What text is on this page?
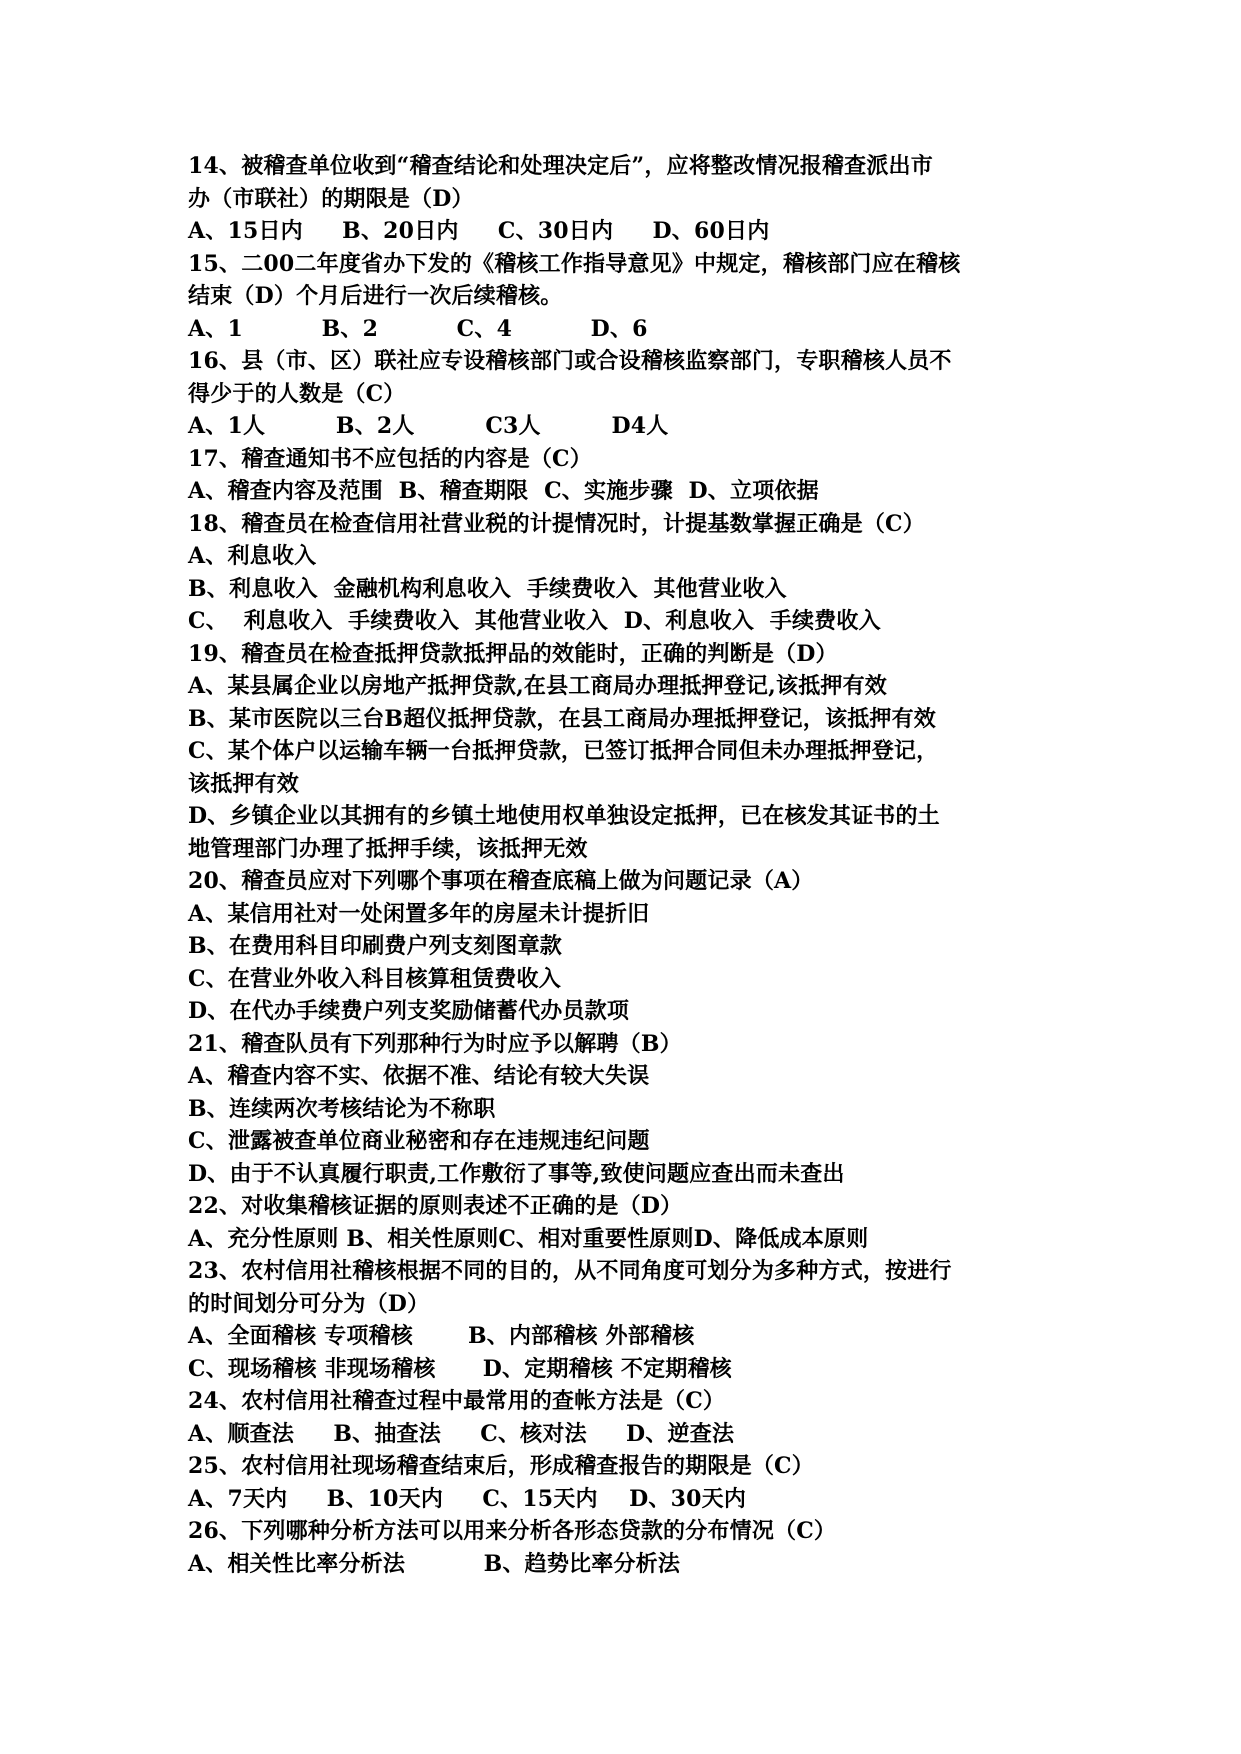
14、被稽查单位收到“稽查结论和处理决定后”，应将整改情况报稽查派出市
办（市联社）的期限是（D）
A、15日内     B、20日内     C、30日内     D、60日内
15、二00二年度省办下发的《稽核工作指导意见》中规定，稽核部门应在稽核
结束（D）个月后进行一次后续稽核。
A、1          B、2          C、4          D、6
16、县（市、区）联社应专设稽核部门或合设稽核监察部门，专职稽核人员不
得少于的人数是（C）
A、1人         B、2人         C3人         D4人
17、稽查通知书不应包括的内容是（C）
A、稽查内容及范围  B、稽查期限  C、实施步骤  D、立项依据
18、稽查员在检查信用社营业税的计提情况时，计提基数掌握正确是（C）
A、利息收入
B、利息收入  金融机构利息收入  手续费收入  其他营业收入
C、  利息收入  手续费收入  其他营业收入  D、利息收入  手续费收入
19、稽查员在检查抵押贷款抵押品的效能时，正确的判断是（D）
A、某县属企业以房地产抵押贷款,在县工商局办理抵押登记,该抵押有效
B、某市医院以三台B超仪抵押贷款，在县工商局办理抵押登记，该抵押有效
C、某个体户以运输车辆一台抵押贷款，已签订抵押合同但未办理抵押登记，
该抵押有效
D、乡镇企业以其拥有的乡镇土地使用权单独设定抵押，已在核发其证书的土
地管理部门办理了抵押手续，该抵押无效
20、稽查员应对下列哪个事项在稽查底稿上做为问题记录（A）
A、某信用社对一处闲置多年的房屋未计提折旧
B、在费用科目印刷费户列支刻图章款
C、在营业外收入科目核算租赁费收入
D、在代办手续费户列支奖励储蓄代办员款项
21、稽查队员有下列那种行为时应予以解聘（B）
A、稽查内容不实、依据不准、结论有较大失误
B、连续两次考核结论为不称职
C、泄露被查单位商业秘密和存在违规违纪问题
D、由于不认真履行职责,工作敷衍了事等,致使问题应查出而未查出
22、对收集稽核证据的原则表述不正确的是（D）
A、充分性原则 B、相关性原则C、相对重要性原则D、降低成本原则
23、农村信用社稽核根据不同的目的，从不同角度可划分为多种方式，按进行
的时间划分可分为（D）
A、全面稽核 专项稽核       B、内部稽核 外部稽核
C、现场稽核 非现场稽核      D、定期稽核 不定期稽核
24、农村信用社稽查过程中最常用的查帐方法是（C）
A、顺查法     B、抽查法     C、核对法     D、逆查法
25、农村信用社现场稽查结束后，形成稽查报告的期限是（C）
A、7天内     B、10天内     C、15天内    D、30天内
26、下列哪种分析方法可以用来分析各形态贷款的分布情况（C）
A、相关性比率分析法          B、趋势比率分析法
